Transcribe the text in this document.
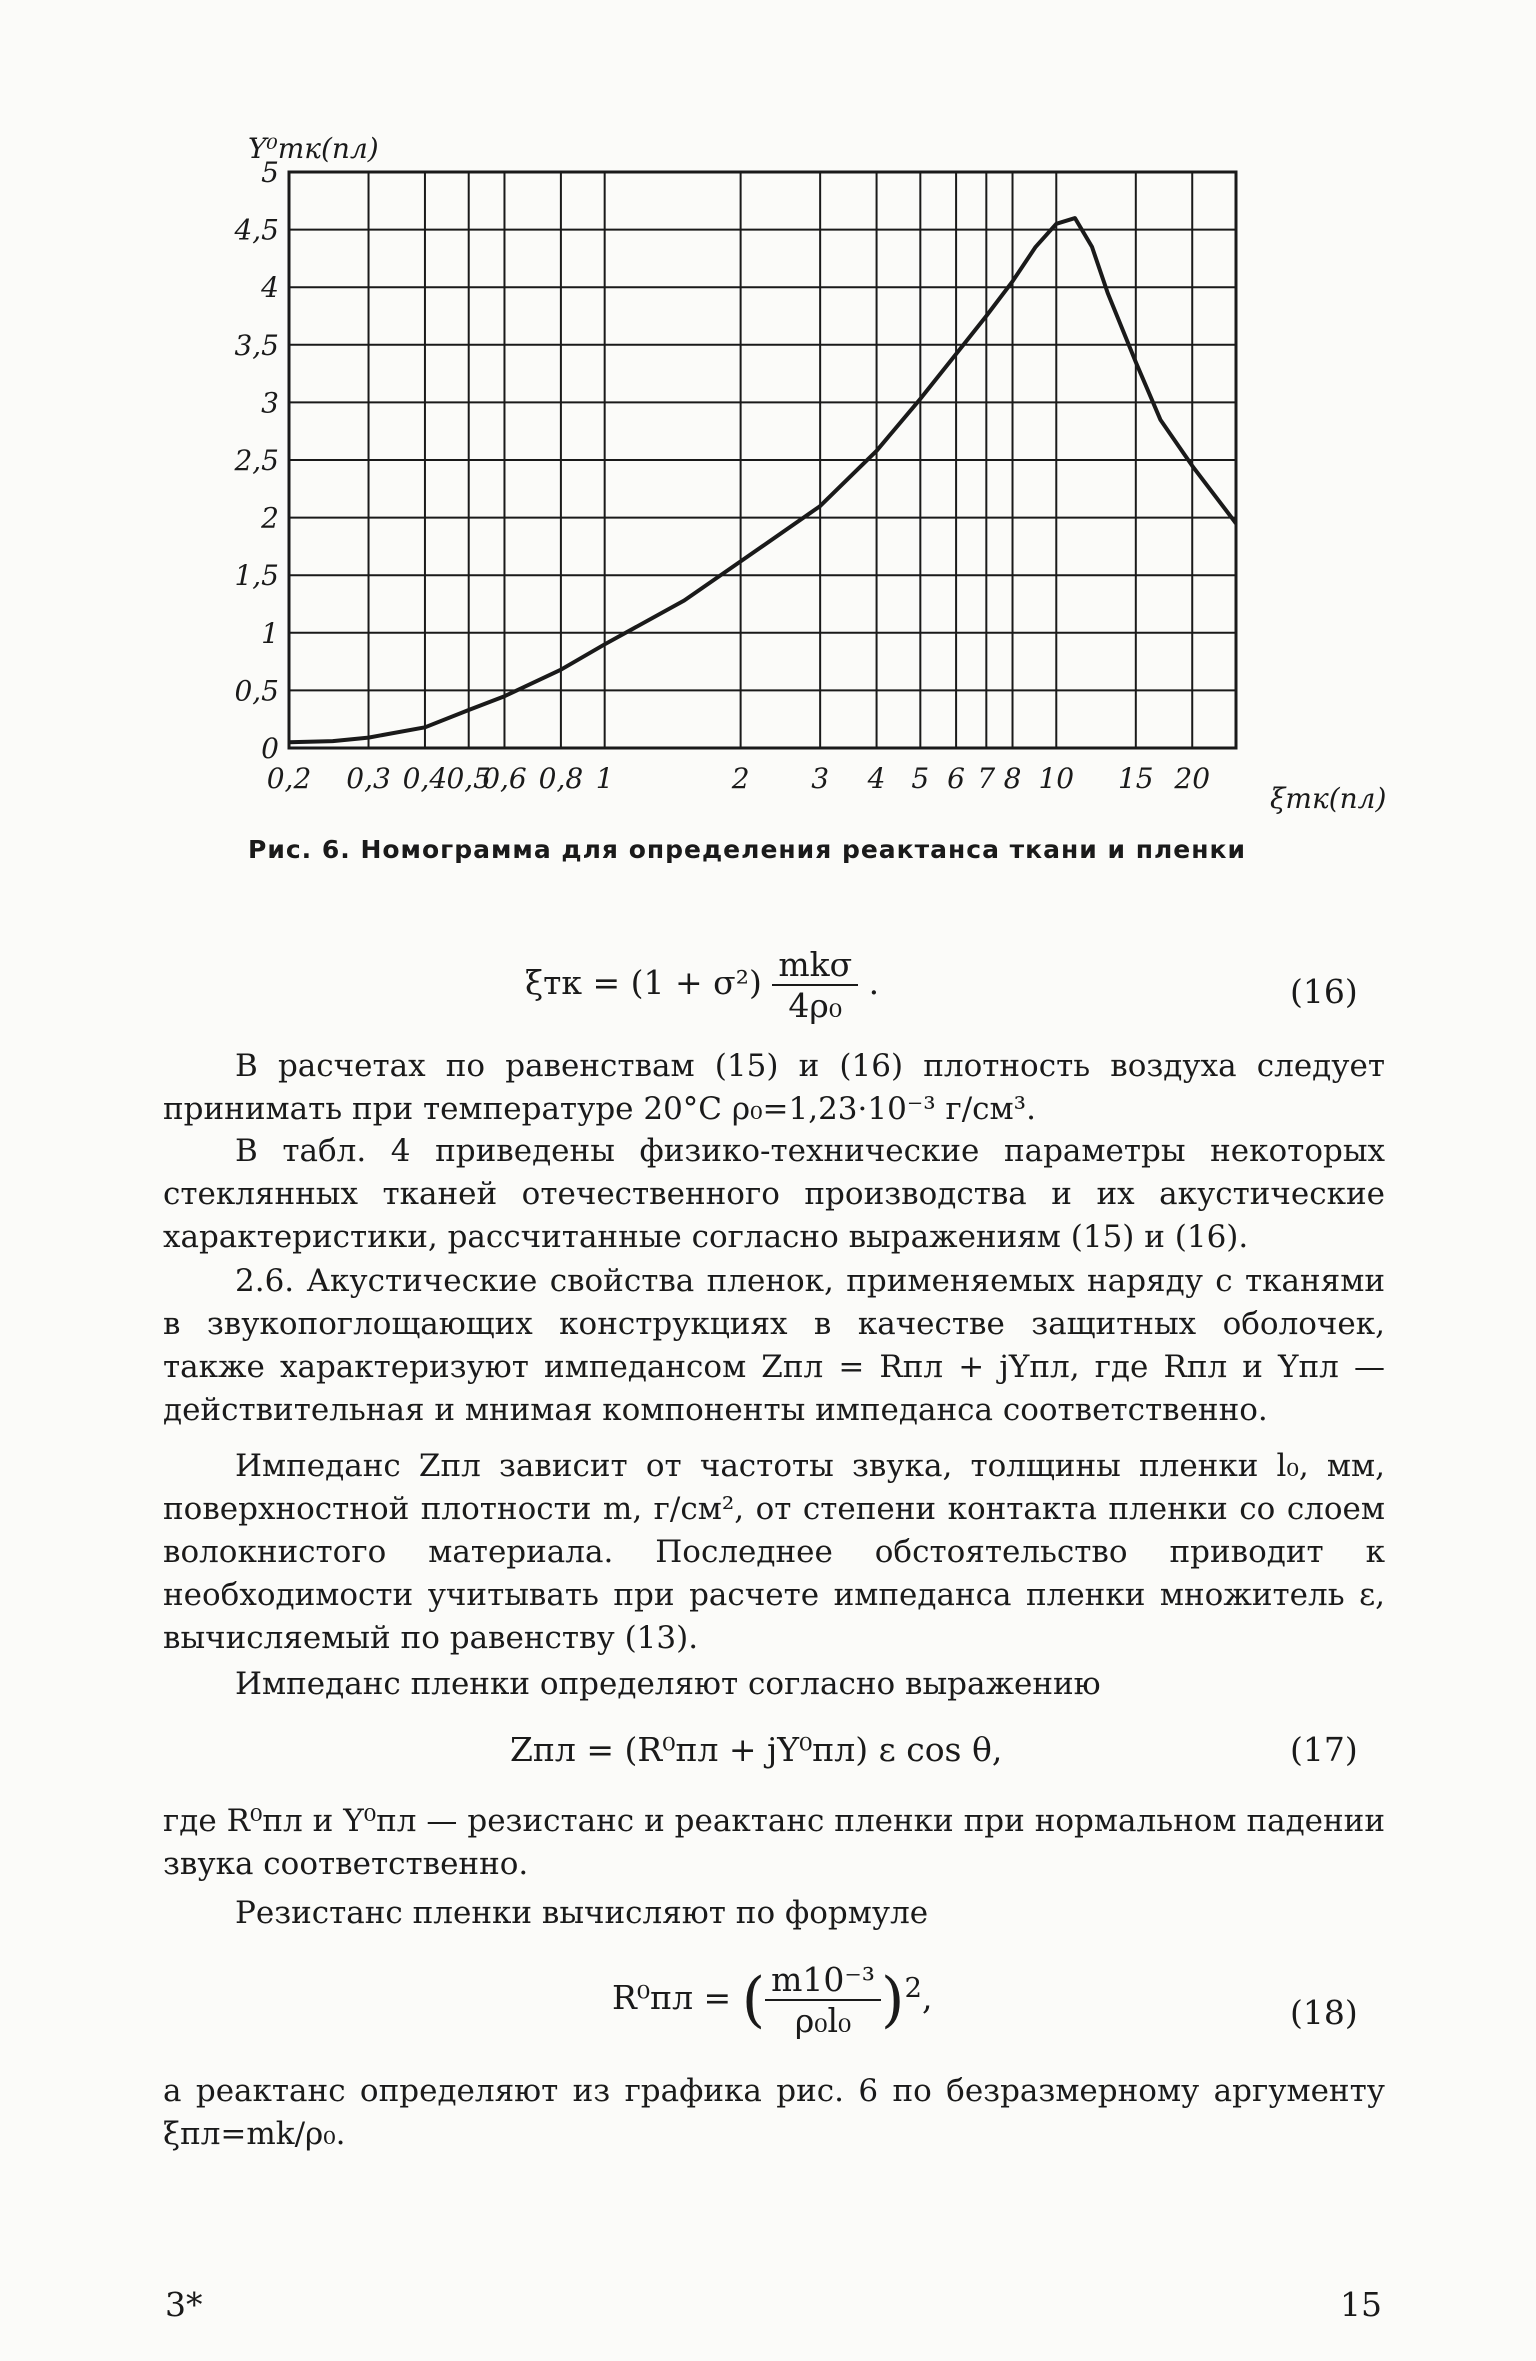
0
0,5
1
1,5
2
2,5
3
3,5
4
4,5
5
0,2 0,3 0,4 0,5
0,6 0,8 1	2 3 4 5 6 7 8 10 15 20
Y⁰тк(пл)
ξтк(пл)
Рис. 6. Номограмма для определения реактанса ткани и пленки
$\xi тк = (1 + \sigma^2) \frac{\text{mkσ}}{\text{4ρ₀}}$ .	(16)
В расчетах по равенствам (15) и (16) плотность воздуха следует принимать при температуре 20°С ρ₀=1,23·10⁻³ г/см³.
В табл. 4 приведены физико-технические параметры некоторых стеклянных тканей отечественного производства и их акустические характеристики, рассчитанные согласно выражениям (15) и (16).
2.6. Акустические свойства пленок, применяемых наряду с тканями в звукопоглощающих конструкциях в качестве защитных оболочек, также характеризуют импедансом Zпл = Rпл + jYпл, где Rпл и Yпл — действительная и мнимая компоненты импеданса соответственно.
Импеданс Zпл зависит от частоты звука, толщины пленки l₀, мм, поверхностной плотности m, г/см², от степени контакта пленки со слоем волокнистого материала. Последнее обстоятельство приводит к необходимости учитывать при расчете импеданса пленки множитель ε, вычисляемый по равенству (13).
Импеданс пленки определяют согласно выражению
Zпл = (R⁰пл + jY⁰пл) ε cos θ,	(17)
где R⁰пл и Y⁰пл — резистанс и реактанс пленки при нормальном падении звука соответственно.
Резистанс пленки вычисляют по формуле
R⁰пл = ( $\frac{\text{m10⁻³}}{\text{ρ₀l₀}} )^2$,	(18)
а реактанс определяют из графика рис. 6 по безразмерному аргументу ξпл=mk/ρ₀.
3*	15
